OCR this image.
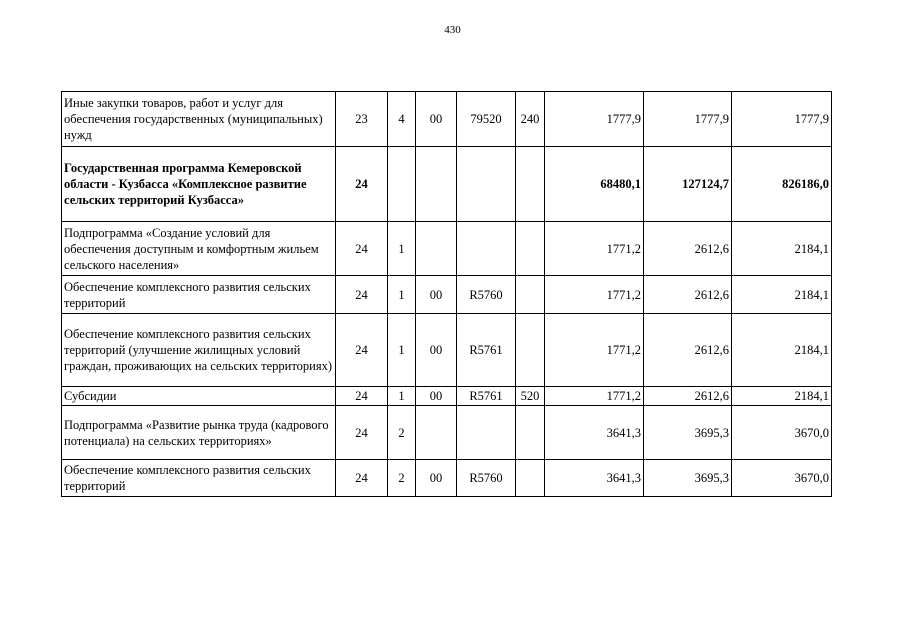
430
Иные закупки товаров, работ и услуг для обеспечения государственных (муниципальных) нужд	23	4	00	79520	240	1777,9	1777,9	1777,9
Государственная программа Кемеровской области - Кузбасса «Комплексное развитие сельских территорий Кузбасса»	24					68480,1	127124,7	826186,0
Подпрограмма «Создание условий для обеспечения доступным и комфортным жильем сельского населения»	24	1				1771,2	2612,6	2184,1
Обеспечение комплексного развития сельских территорий	24	1	00	R5760		1771,2	2612,6	2184,1
Обеспечение комплексного развития сельских территорий (улучшение жилищных условий граждан, проживающих на сельских территориях)	24	1	00	R5761		1771,2	2612,6	2184,1
Субсидии	24	1	00	R5761	520	1771,2	2612,6	2184,1
Подпрограмма «Развитие рынка труда (кадрового потенциала) на сельских территориях»	24	2				3641,3	3695,3	3670,0
Обеспечение комплексного развития сельских территорий	24	2	00	R5760		3641,3	3695,3	3670,0
